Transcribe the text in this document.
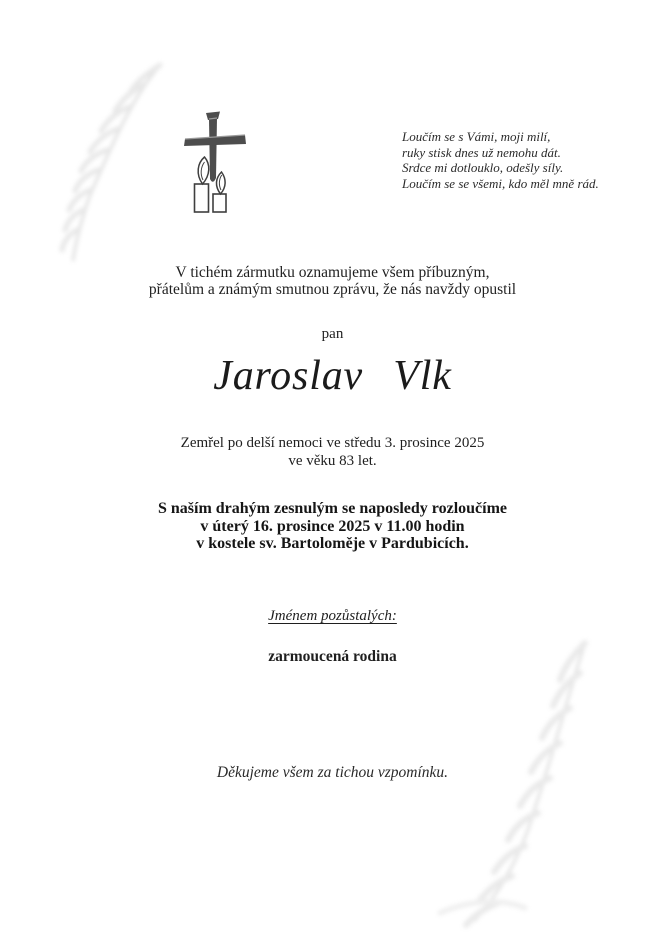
Loučím se s Vámi, moji milí,
ruky stisk dnes už nemohu dát.
Srdce mi dotlouklo, odešly síly.
Loučím se se všemi, kdo měl mně rád.
V tichém zármutku oznamujeme všem příbuzným,
přátelům a známým smutnou zprávu, že nás navždy opustil
pan
Jaroslav Vlk
Zemřel po delší nemoci ve středu 3. prosince 2025
ve věku 83 let.
S naším drahým zesnulým se naposledy rozloučíme
v úterý 16. prosince 2025 v 11.00 hodin
v kostele sv. Bartoloměje v Pardubicích.
Jménem pozůstalých:
zarmoucená rodina
Děkujeme všem za tichou vzpomínku.
